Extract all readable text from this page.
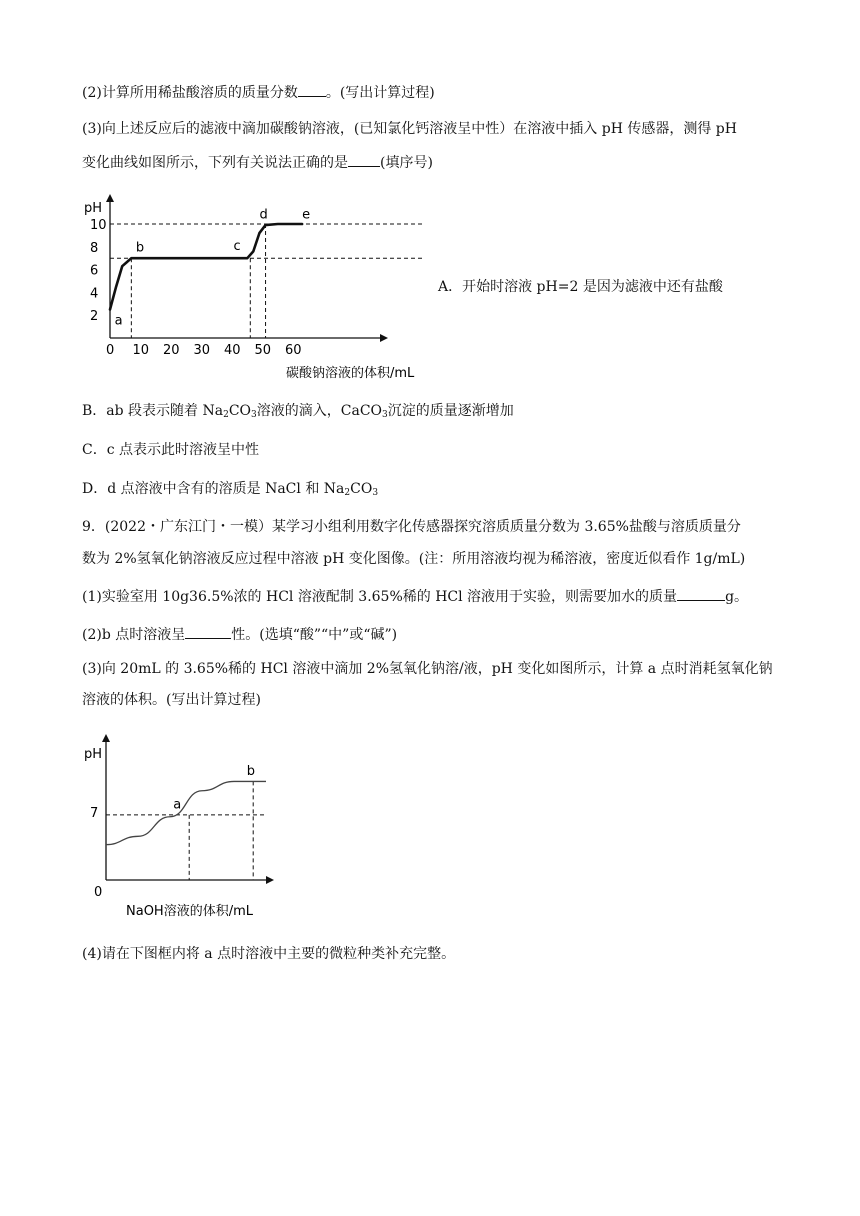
(2)计算所用稀盐酸溶质的质量分数 。(写出计算过程)
(3)向上述反应后的滤液中滴加碳酸钠溶液，(已知氯化钙溶液呈中性）在溶液中插入 pH 传感器，测得 pH
变化曲线如图所示，下列有关说法正确的是 (填序号)
2
4
6
8
10
0 10 20 30 40 50 60
a
b	c
d	e
pH
碳酸钠溶液的体积/mL
A．开始时溶液 pH=2 是因为滤液中还有盐酸
B．ab 段表示随着 $Na_2CO_3$溶液的滴入，CaCO$_3$沉淀的质量逐渐增加
C．c 点表示此时溶液呈中性
D．d 点溶液中含有的溶质是 NaCl 和 $Na_2CO_3$
9．(2022・广东江门・一模）某学习小组利用数字化传感器探究溶质质量分数为 3.65%盐酸与溶质质量分
数为 2%氢氧化钠溶液反应过程中溶液 pH 变化图像。(注：所用溶液均视为稀溶液，密度近似看作 1g/mL)
(1)实验室用 10g36.5%浓的 HCl 溶液配制 3.65%稀的 HCl 溶液用于实验，则需要加水的质量	g。
(2)b 点时溶液呈	性。(选填“酸”“中”或“碱”)
(3)向 20mL 的 3.65%稀的 HCl 溶液中滴加 2%氢氧化钠溶/液，pH 变化如图所示，计算 a 点时消耗氢氧化钠
溶液的体积。(写出计算过程)
a
b
pH
0
7
NaOH溶液的体积/mL
(4)请在下图框内将 a 点时溶液中主要的微粒种类补充完整。
